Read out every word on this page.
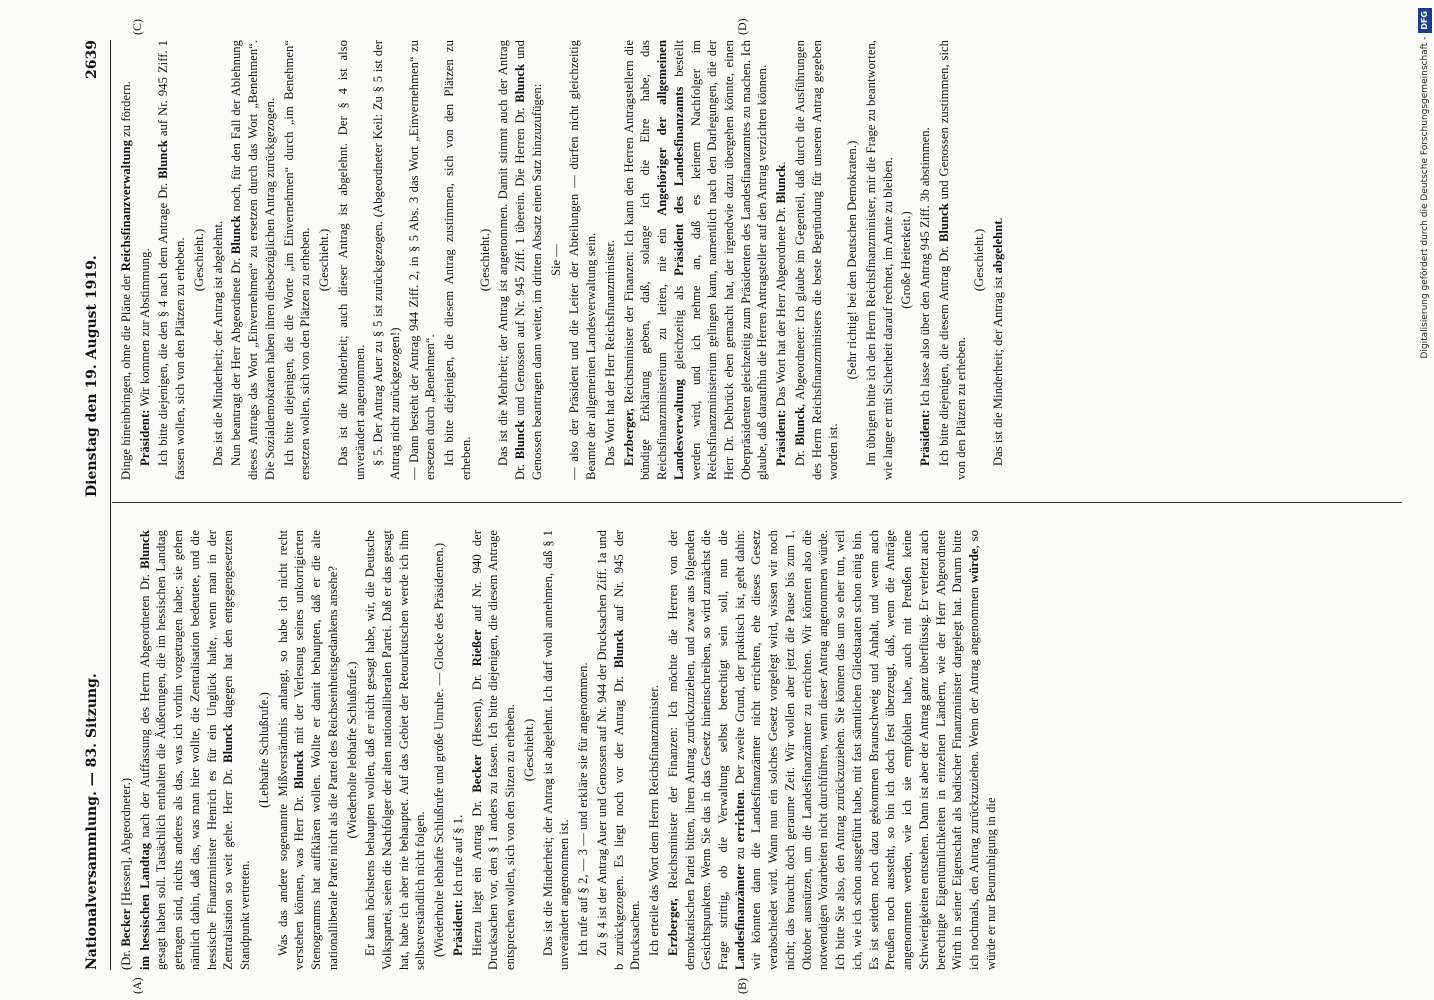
Nationalversammlung. — 83. Sitzung.
Dienstag den 19. August 1919.
2639
(A)	(B)
(C)	(D)

(Dr. Becker [Hessen], Abgeordneter.) im hessischen Landtag nach der Auffassung des Herrn Abgeordneten Dr. Blunck gesagt haben soll. Tatsächlich enthalten die Äußerungen, die im hessischen Landtag getragen sind, nichts anderes als das, was ich vorhin vorgetragen habe; sie gehen nämlich dahin, daß das, was man hier wollte, die Zentralisation bedeutete, und die hessische Finanzminister Henrich es für ein Unglück halte, wenn man in der Zentralisation so weit gehe. Herr Dr. Blunck dagegen hat den entgegengesetzten Standpunkt vertreten.

(Lebhafte Schlußrufe.) Was das andere sogenannte Mißverständnis anlangt, so habe ich nicht recht verstehen können, was Herr Dr. Blunck mit der Verlesung seines unkorrigierten Stenogramms hat auffklären wollen. Wollte er damit behaupten, daß er die alte nationalliberale Partei nicht als die Partei des Reichseinheitsgedankens ansehe? (Wiederholte lebhafte Schlußrufe.) Er kann höchstens behaupten wollen, daß er nicht gesagt habe, wir, die Deutsche Volkspartei, seien die Nachfolger der alten nationalliberalen Partei. Daß er das gesagt hat, habe ich aber nie behauptet. Auf das Gebiet der Retourkutschen werde ich ihm selbstverständlich nicht folgen. (Wiederholte lebhafte Schlußrufe und große Unruhe. — Glocke des Präsidenten.) Präsident: Ich rufe auf § 1. Hierzu liegt ein Antrag Dr. Becker (Hessen), Dr. Rießer auf Nr. 940 der Drucksachen vor, den § 1 anders zu fassen. Ich bitte diejenigen, die diesem Antrage entsprechen wollen, sich von den Sitzen zu erheben. (Geschieht.) Das ist die Minderheit; der Antrag ist abgelehnt. Ich darf wohl annehmen, daß § 1 unverändert angenommen ist. Ich rufe auf § 2, — 3 — und erkläre sie für angenommen. Zu § 4 ist der Antrag Auer und Genossen auf Nr. 944 der Drucksachen Ziff. 1a und b zurückgezogen. Es liegt noch vor der Antrag Dr. Blunck auf Nr. 945 der Drucksachen. Ich erteile das Wort dem Herrn Reichsfinanzminister. Erzberger, Reichsminister der Finanzen: Ich möchte die Herren von der demokratischen Partei bitten, ihren Antrag zurückzuziehen, und zwar aus folgenden Gesichtspunkten. Wenn Sie das in das Gesetz hineinschreiben, so wird zunächst die Frage strittig, ob die Verwaltung selbst berechtigt sein soll, nun die Landesfinanzämter zu errichten. Der zweite Grund, der praktisch ist, geht dahin: wir könnten dann die Landesfinanzämter nicht errichten, ehe dieses Gesetz verabschiedet wird. Wann nun ein solches Gesetz vorgelegt wird, wissen wir noch nicht; das braucht doch geraume Zeit. Wir wollen aber jetzt die Pause bis zum 1. Oktober ausnützen, um die Landesfinanzämter zu errichten. Wir könnten also die notwendigen Vorarbeiten nicht durchführen, wenn dieser Antrag angenommen würde. Ich bitte Sie also, den Antrag zurückzuziehen. Sie können das um so eher tun, weil ich, wie ich schon ausgeführt habe, mit fast sämtlichen Gliedstaaten schon einig bin. Es ist seitdem noch dazu gekommen Braunschweig und Anhalt, und wenn auch Preußen noch aussteht, so bin ich doch fest überzeugt, daß, wenn die Anträge angenommen werden, wie ich sie empfohlen habe, auch mit Preußen keine Schwierigkeiten entstehen. Dann ist aber der Antrag ganz überflüssig. Er verletzt auch berechtigte Eigentümlichkeiten in einzelnen Ländern, wie der Herr Abgeordnete Wirth in seiner Eigenschaft als badischer Finanzminister dargelegt hat. Darum bitte ich nochmals, den Antrag zurückzuziehen. Wenn der Antrag angenommen würde, so würde er nur Beunruhigung in die

Dinge hineinbringen, ohne die Pläne der Reichsfinanzverwaltung zu fördern.

Präsident: Wir kommen zur Abstimmung. Ich bitte diejenigen, die den § 4 nach dem Antrage Dr. Blunck auf Nr. 945 Ziff. 1 fassen wollen, sich von den Plätzen zu erheben. (Geschieht.) Das ist die Minderheit; der Antrag ist abgelehnt. Nun beantragt der Herr Abgeordnete Dr. Blunck noch, für den Fall der Ablehnung dieses Antrags das Wort „Einvernehmen“ zu ersetzen durch das Wort „Benehmen“. Die Sozialdemokraten haben ihren diesbezüglichen Antrag zurückgezogen. Ich bitte diejenigen, die die Worte „im Einvernehmen“ durch „im Benehmen“ ersetzen wollen, sich von den Plätzen zu erheben. (Geschieht.) Das ist die Minderheit; auch dieser Antrag ist abgelehnt. Der § 4 ist also unverändert angenommen. § 5. Der Antrag Auer zu § 5 ist zurückgezogen. (Abgeordneter Keil: Zu § 5 ist der Antrag nicht zurückgezogen!) — Dann besteht der Antrag 944 Ziff. 2, in § 5 Abs. 3 das Wort „Einvernehmen“ zu ersetzen durch „Benehmen“. Ich bitte diejenigen, die diesem Antrag zustimmen, sich von den Plätzen zu erheben.

(Geschieht.) Das ist die Mehrheit; der Antrag ist angenommen. Damit stimmt auch der Antrag Dr. Blunck und Genossen auf Nr. 945 Ziff. 1 überein. Die Herren Dr. Blunck und Genossen beantragen dann weiter, im dritten Absatz einen Satz hinzuzufügen: Sie — — also der Präsident und die Leiter der Abteilungen — dürfen nicht gleichzeitig Beamte der allgemeinen Landesverwaltung sein. Das Wort hat der Herr Reichsfinanzminister. Erzberger, Reichsminister der Finanzen: Ich kann den Herren Antragstellern die bündige Erklärung geben, daß, solange ich die Ehre habe, das Reichsfinanzministerium zu leiten, nie ein Angehöriger der allgemeinen Landesverwaltung gleichzeitig als Präsident des Landesfinanzamts bestellt werden wird, und ich nehme an, daß es keinem Nachfolger im Reichsfinanzministerium gelingen kann, namentlich nach den Darlegungen, die der Herr Dr. Delbrück eben gemacht hat, der irgendwie dazu übergehen könnte, einen Oberpräsidenten gleichzeitig zum Präsidenten des Landesfinanzamtes zu machen. Ich glaube, daß daraufhin die Herren Antragsteller auf den Antrag verzichten können. Präsident: Das Wort hat der Herr Abgeordnete Dr. Blunck.

Dr. Blunck, Abgeordneter: Ich glaube im Gegenteil, daß durch die Ausführungen des Herrn Reichsfinanzministers die beste Begründung für unseren Antrag gegeben worden ist.

(Sehr richtig! bei den Deutschen Demokraten.) Im übrigen bitte ich den Herrn Reichsfinanzminister, mir die Frage zu beantworten, wie lange er mit Sicherheit darauf rechnet, im Amte zu bleiben. (Große Heiterkeit.)

Präsident: Ich lasse also über den Antrag 945 Ziff. 3b abstimmen. Ich bitte diejenigen, die diesem Antrag Dr. Blunck und Genossen zustimmen, sich von den Plätzen zu erheben.

(Geschieht.)

Das ist die Minderheit; der Antrag ist abgelehnt.	Digitalisierung gefördert durch die Deutsche Forschungsgemeinschaft -DFG
